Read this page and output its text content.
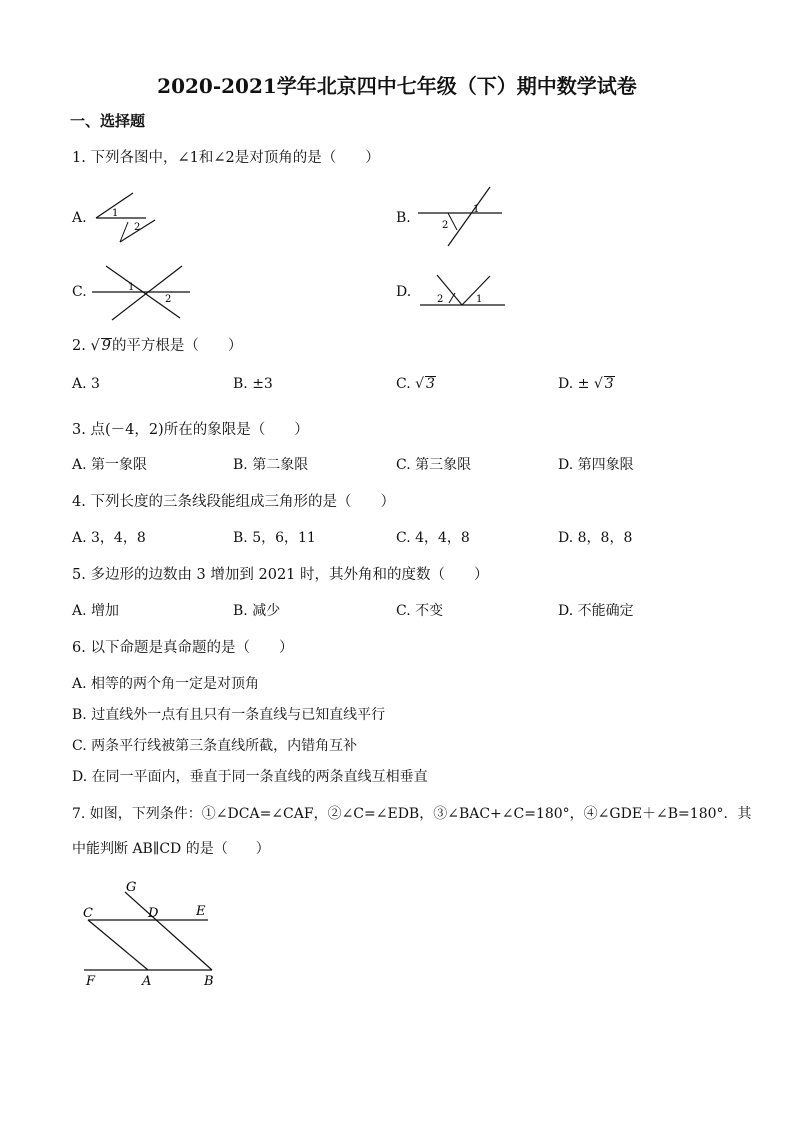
2020-2021学年北京四中七年级（下）期中数学试卷
一、选择题
1. 下列各图中，∠1和∠2是对顶角的是（　　）
A.	1
2
B.
1
2
C.	1
2	D.	2	1
2. √ 9的平方根是（　　）
A. 3	B. ±3	C. √ 3	D. ± √ 3
3. 点(－4，2)所在的象限是（　　）
A. 第一象限	B. 第二象限	C. 第三象限	D. 第四象限
4. 下列长度的三条线段能组成三角形的是（　　）
A. 3，4，8	B. 5，6，11	C. 4，4，8	D. 8，8，8
5. 多边形的边数由 3 增加到 2021 时，其外角和的度数（　　）
A. 增加	B. 减少	C. 不变	D. 不能确定
6. 以下命题是真命题的是（　　）
A. 相等的两个角一定是对顶角
B. 过直线外一点有且只有一条直线与已知直线平行
C. 两条平行线被第三条直线所截，内错角互补
D. 在同一平面内，垂直于同一条直线的两条直线互相垂直
7. 如图，下列条件：①∠DCA=∠CAF，②∠C=∠EDB，③∠BAC+∠C=180°，④∠GDE＋∠B=180°．其
中能判断 AB∥CD 的是（　　）
G
C	D	E
F	A	B
